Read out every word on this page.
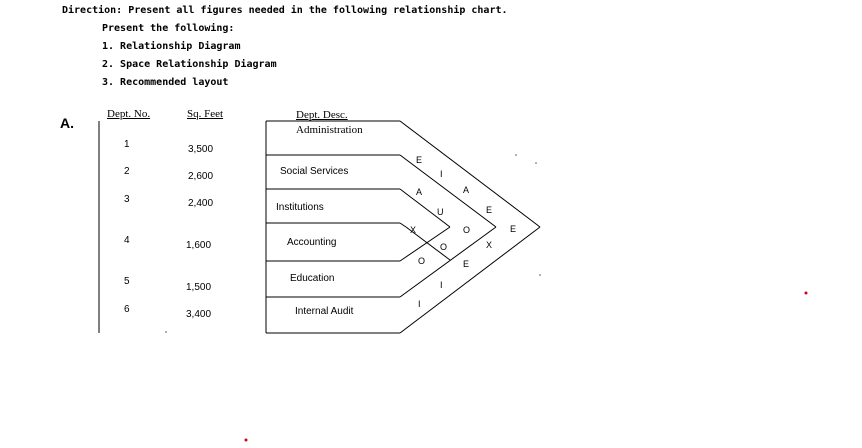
Direction: Present all figures needed in the following relationship chart.
Present the following:
1. Relationship Diagram
2. Space Relationship Diagram
3. Recommended layout
A.
Dept. No.	Sq. Feet	Dept. Desc.
1
2
3
4
5
6
3,500
2,600
2,400
1,600
1,500
3,400
Administration
Social Services
Institutions
Accounting
Education
Internal Audit
E
A
X
O
I
I
U
O
I
A
O
E
E
X
E
